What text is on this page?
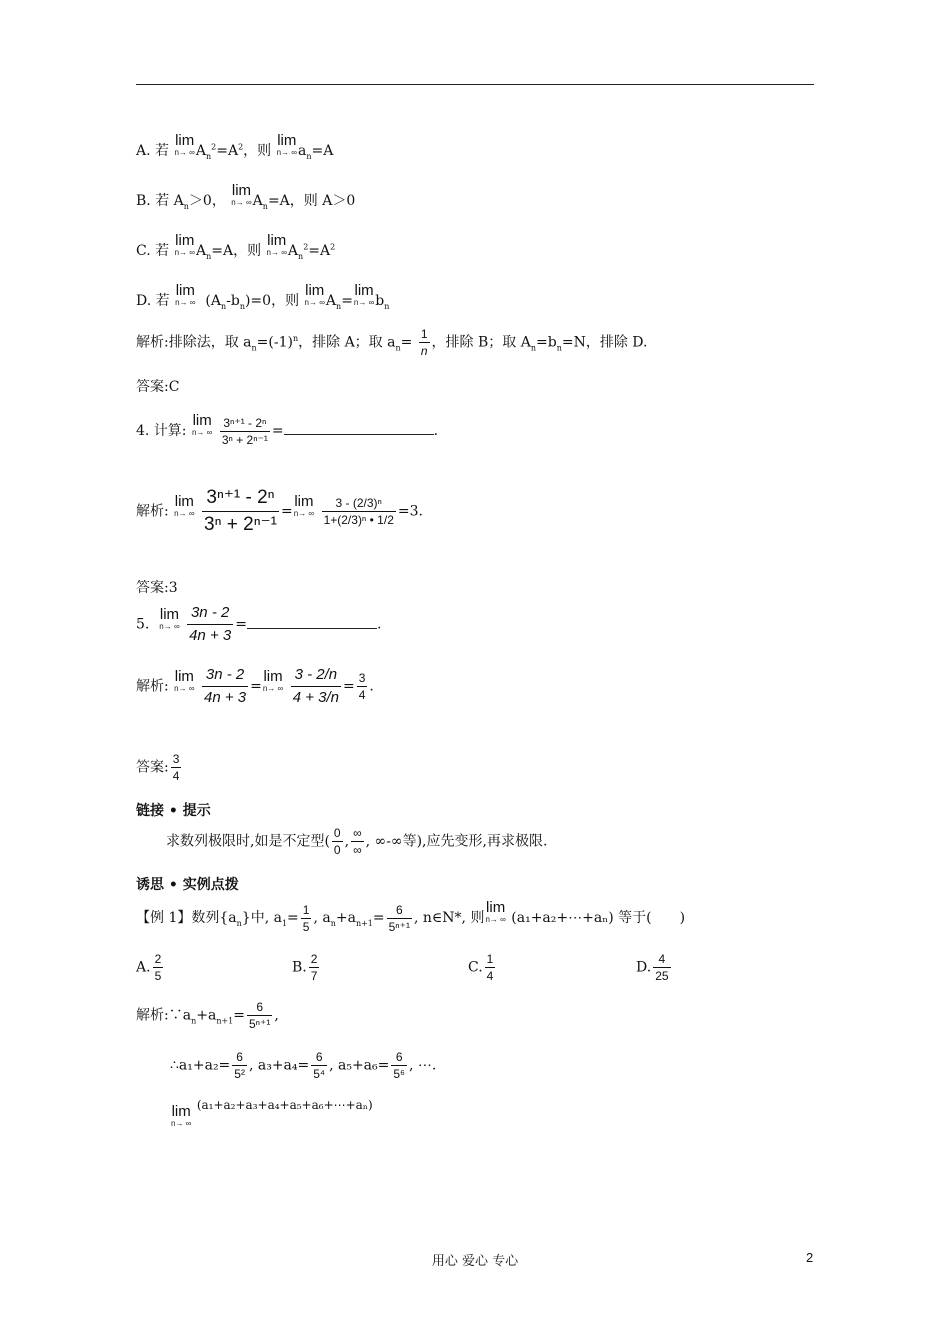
A. 若
lim
n→ ∞ $A_n^2=A^2$，则
lim
n→ ∞ $a_n=A$
B. 若 $A_n>0$，
lim
n→ ∞ $A_n=A$，则 A＞0
C. 若
lim
n→ ∞ $A_n=A$，则
lim
n→ ∞ $A_n^2=A^2$
D. 若
lim
n→ ∞ $(A_n-b_n)=0$，则
lim
n→ ∞ $A_n=$
lim
n→ ∞ $b_n$
解析:排除法，取 $a_n=(-1)^n$，排除 A；取 $a_n= \frac{1}{n}$ ，排除 B；取 $A_n=b_n=N$，排除 D.
答案:C
4. 计算:
lim
n→ ∞
$\frac{\text{3ⁿ⁺¹ - 2ⁿ}}{\text{3ⁿ + 2ⁿ⁻¹}}$ =	.
解析:
lim
n→ ∞
$\frac{\text{3ⁿ⁺¹ - 2ⁿ}}{\text{3ⁿ + 2ⁿ⁻¹}}$ =
lim
n→ ∞
$\frac{\text{3 - (2/3)ⁿ}}{\text{1+(2/3)ⁿ • 1/2}} =3$.
答案:3
5.
lim
n→ ∞
$\frac{3n - 2}{4n + 3}$ =	.
解析:
lim
n→ ∞
$\frac{3n - 2}{4n + 3}$ =
lim
n→ ∞
$\frac{3 - 2/n}{4 + 3/n} = \frac{3}{4}$ .
答案: $\frac{3}{4}$
链接 • 提示
求数列极限时,如是不定型( $\frac{0}{0}$ , $\frac{\infty}{\infty}$ , ∞-∞等),应先变形,再求极限.
诱思 • 实例点拨
【例 1】数列$\{a_n\}$中, $a_1= \frac{1}{5}$ , $a_n+a_{n+1}= \frac{6}{\text{5ⁿ⁺¹}}$ , n∈N*, 则
lim
n→ ∞ (a₁+a₂+⋯+aₙ) 等于(　　)
A. $\frac{2}{5}$	B. $\frac{2}{7}$	C. $\frac{1}{4}$	D. $\frac{4}{25}$
解析$:\because a_n+a_{n+1}= \frac{6}{\text{5ⁿ⁺¹}}$ ,
∴a₁+a₂= $\frac{6}{\text{5²}}$ , $a_3+a_4= \frac{6}{\text{5⁴}}$ , $a_5+a_6= \frac{6}{\text{5⁶}}$ , ⋯.
lim
n→ ∞
(a₁+a₂+a₃+a₄+a₅+a₆+⋯+aₙ)
用心 爱心 专心	2
